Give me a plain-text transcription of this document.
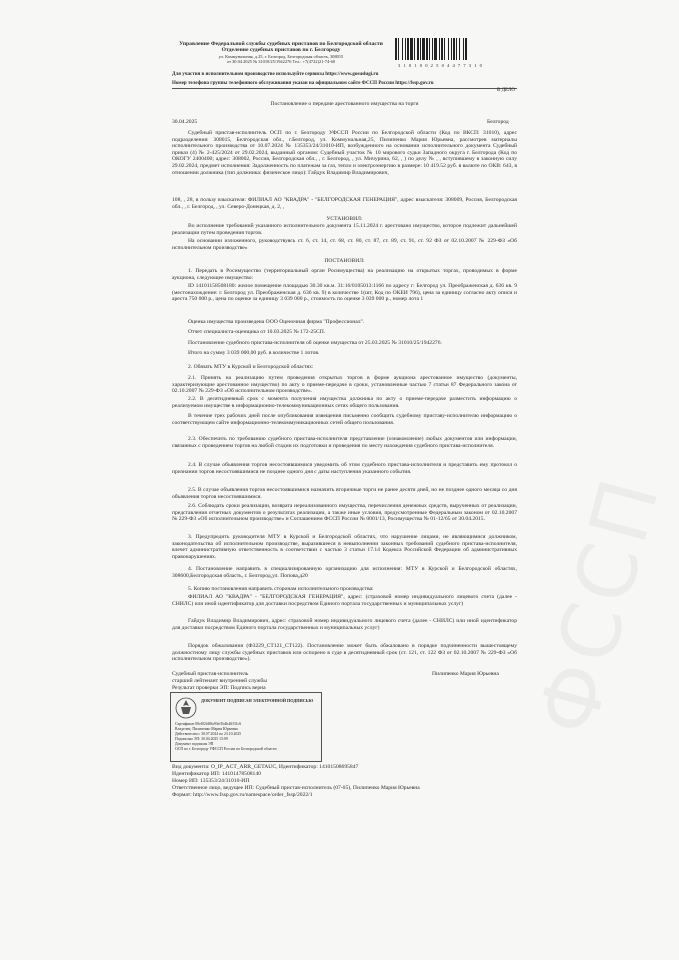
Управление Федеральной службы судебных приставов по Белгородской области
Отделение судебных приставов по г. Белгороду
ул. Коммунальная, д.25, г. Белгород, Белгородская область, 308015
от 30.04.2025 № 31010/25/1942276 Тел.: +7(4722)21-74-60
3 1 0 1 0 0 2 5 0 4 4 7 7 3 1 0
Для участия в исполнительном производстве используйте сервисы https://www.gosuslugi.ru
Номер телефона группы телефонного обслуживания указан на официальном сайте ФССП России https://fssp.gov.ru
В ДЕЛО
Постановление о передаче арестованного имущества на торги
30.04.2025	Белгород
Судебный пристав-исполнитель ОСП по г. Белгороду УФССП России по Белгородской области (Код по ВКСП: 31010), адрес подразделения: 308015, Белгородская обл., г.Белгород, ул. Коммунальная,25, Пилипенко Мария Юрьевна, рассмотрев материалы исполнительного производства от 10.07.2024 № 135353/24/31010-ИП, возбужденного на основании исполнительного документа Судебный приказ (4) № 2-425/2024 от 29.02.2024, выданный органом: Судебный участок № 10 мирового судьи Западного округа г. Белгорода (Код по ОКОГУ 2400400; адрес: 308002, Россия, Белгородская обл., , г. Белгород, , ул. Мичурина, 62, , ) по делу № , , вступившему в законную силу 29.02.2024, предмет исполнения: Задолженность по платежам за газ, тепло и электроэнергию в размере: 10 419.52 руб. в валюте по ОКВ: 643, в отношении должника (тип должника: физическое лицо): Гайдук Владимир Владимирович,
108, , 28, в пользу взыскателя: ФИЛИАЛ АО "КВАДРА" - "БЕЛГОРОДСКАЯ ГЕНЕРАЦИЯ", адрес взыскателя: 308009, Россия, Белгородская обл., , г. Белгород, , ул. Северо-Донецкая, д. 2, ,
УСТАНОВИЛ:
Во исполнение требований указанного исполнительного документа 15.11.2024 г. арестовано имущество, которое подлежит дальнейшей реализации путем проведения торгов.
На основании изложенного, руководствуясь ст. 6, ст. 14, ст. 68, ст. 80, ст. 87, ст. 89, ст. 91, ст. 92 ФЗ от 02.10.2007 № 229-ФЗ «Об исполнительном производстве»
ПОСТАНОВИЛ:
1. Передать в Росимущество (территориальный орган Росимущества) на реализацию на открытых торгах, проводимых в форме аукциона, следующее имущество:
ID 14101158508180: жилое помещение площадью 30.30 кв.м. 31:16/0105013:1166 по адресу г: Белгород ул. Преображенская д. 636 кв. 9 (местонахождение: г. Белгород ул. Преображенская д. 636 кв. 9) в количестве 1(шт, Код по ОКЕИ 796), цена за единицу согласно акту описи и ареста 750 000 р., цена по оценке за единицу 3 039 000 р., стоимость по оценке 3 039 000 р., номер лота 1
Оценка имущества произведена ООО Оценочная фирма "Профессионал".
Отчет специалиста-оценщика от 10.03.2025 № 172-25СП.
Постановление судебного пристава-исполнителя об оценке имущества от 25.03.2025 № 31010/25/1942276.
Итого на сумму 3 039 000,00 руб. в количестве 1 лотов.
2. Обязать МТУ в Курской и Белгородской областях:
2.1. Принять на реализацию путем проведения открытых торгов в форме аукциона арестованное имущество (документы, характеризующие арестованное имущество) по акту о приеме-передаче в сроки, установленные частью 7 статьи 87 Федерального закона от 02.10.2007 № 229-ФЗ «Об исполнительном производстве».
2.2. В десятидневный срок с момента получения имущества должника по акту о приеме-передаче разместить информацию о реализуемом имуществе в информационно-телекоммуникационных сетях общего пользования.
В течение трех рабочих дней после опубликования извещения письменно сообщить судебному приставу-исполнителю информацию о соответствующем сайте информационно-телекоммуникационных сетей общего пользования.
2.3. Обеспечить по требованию судебного пристава-исполнителя представление (ознакомление) любых документов или информации, связанных с проведением торгов на любой стадии их подготовки и проведения по месту нахождения судебного пристава-исполнителя.
2.4. В случае объявления торгов несостоявшимися уведомить об этом судебного пристава-исполнителя и представить ему протокол о признании торгов несостоявшимися не позднее одного дня с даты наступления указанного события.
2.5. В случае объявления торгов несостоявшимися назначить вторичные торги не ранее десяти дней, но не позднее одного месяца со дня объявления торгов несостоявшимися.
2.6. Соблюдать сроки реализации, возврата нереализованного имущества, перечисления денежных средств, вырученных от реализации, представления отчетных документов о результатах реализации, а также иные условия, предусмотренные Федеральным законом от 02.10.2007 № 229-ФЗ «Об исполнительном производстве» и Соглашением ФССП России № 0001/13, Росимущества № 01-12/65 от 30.04.2015.
3. Предупредить руководителя МТУ в Курской и Белгородской областях, что нарушение лицами, не являющимися должником, законодательства об исполнительном производстве, выразившееся в невыполнении законных требований судебного пристава-исполнителя, влечет административную ответственность в соответствии с частью 3 статьи 17.14 Кодекса Российской Федерации об административных правонарушениях.
4. Постановление направить в специализированную организацию для исполнения: МТУ в Курской и Белгородской областях, 308600,Белгородская область, г. Белгород,ул. Попова,д20
5. Копию постановления направить сторонам исполнительного производства:
ФИЛИАЛ АО "КВАДРА" - "БЕЛГОРОДСКАЯ ГЕНЕРАЦИЯ", адрес: (страховой номер индивидуального лицевого счета (далее - СНИЛС) или иной идентификатор для доставки посредством Единого портала государственных и муниципальных услуг)
Гайдук Владимир Владимирович, адрес: страховой номер индивидуального лицевого счета (далее - СНИЛС) или иной идентификатор для доставки посредством Единого портала государственных и муниципальных услуг)
Порядок обжалования (Ф3229_СТ121_СТ122). Постановление может быть обжаловано в порядке подчиненности вышестоящему должностному лицу службы судебных приставов или оспорено в суде в десятидневный срок (ст. 121, ст. 122 ФЗ от 02.10.2007 № 229-ФЗ «Об исполнительном производстве»).
Судебный пристав-исполнитель
старший лейтенант внутренней службы
Результат проверки ЭП: Подпись верна
Пилипенко Мария Юрьевна
ДОКУМЕНТ ПОДПИСАН ЭЛЕКТРОННОЙ ПОДПИСЬЮ
Сертификат 00ef02fd8fa93ef1b4b4fff31c6
Владелец: Пилипенко Мария Юрьевна
Действителен с 30.07.2024 по 23.10.2025
Подписано ЭП: 30.04.2025 13:09
Документ подписан ЭП
ОСП по г. Белгороду УФССП России по Белгородской области
Вид документа: O_IP_ACT_ARR_GETAUC, Идентификатор: 14101508695847
Идентификатор ИП: 14101478508140
Номер ИП: 135353/24/31010-ИП
Ответственное лицо, ведущее ИП: Судебный пристав-исполнитель (07-05), Пилипенко Мария Юрьевна
Формат: http://www.fssp.gov.ru/namespace/order_fssp/2022/1
ФССП
